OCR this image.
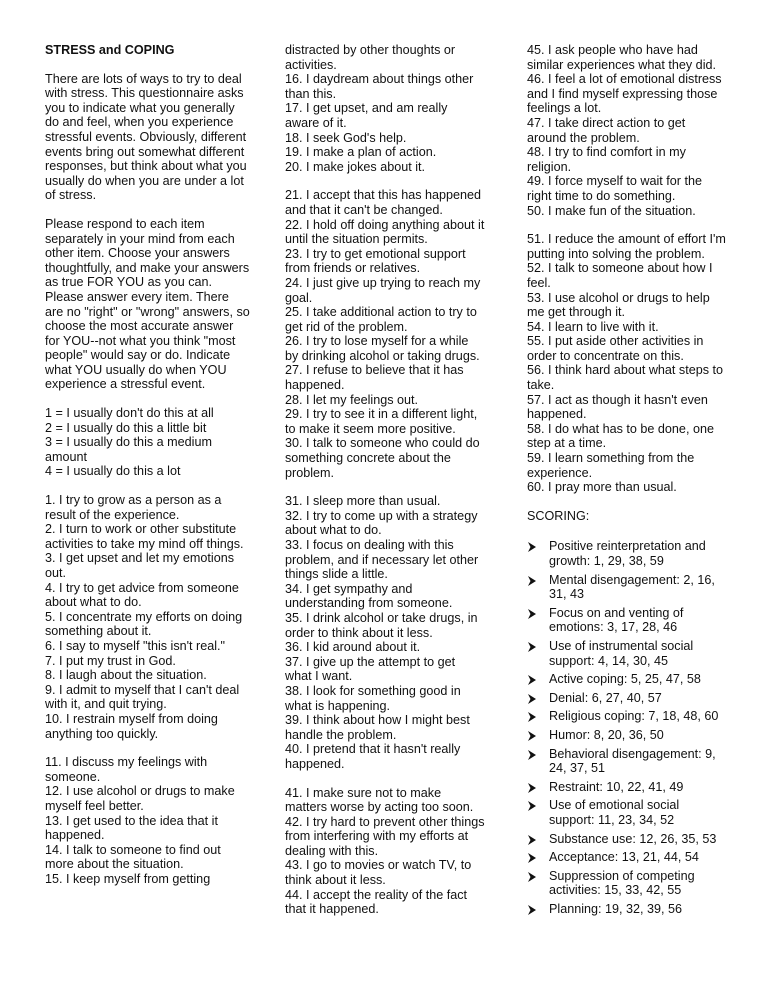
STRESS and COPING
There are lots of ways to try to deal with stress. This questionnaire asks you to indicate what you generally do and feel, when you experience stressful events. Obviously, different events bring out somewhat different responses, but think about what you usually do when you are under a lot of stress.
Please respond to each item separately in your mind from each other item. Choose your answers thoughtfully, and make your answers as true FOR YOU as you can. Please answer every item. There are no "right" or "wrong" answers, so choose the most accurate answer for YOU--not what you think "most people" would say or do. Indicate what YOU usually do when YOU experience a stressful event.
1 = I usually don't do this at all
2 = I usually do this a little bit
3 = I usually do this a medium amount
4 = I usually do this a lot
1. I try to grow as a person as a result of the experience.
2. I turn to work or other substitute activities to take my mind off things.
3. I get upset and let my emotions out.
4. I try to get advice from someone about what to do.
5. I concentrate my efforts on doing something about it.
6. I say to myself "this isn't real."
7. I put my trust in God.
8. I laugh about the situation.
9. I admit to myself that I can't deal with it, and quit trying.
10. I restrain myself from doing anything too quickly.
11. I discuss my feelings with someone.
12. I use alcohol or drugs to make myself feel better.
13. I get used to the idea that it happened.
14. I talk to someone to find out more about the situation.
15. I keep myself from getting
distracted by other thoughts or activities.
16. I daydream about things other than this.
17. I get upset, and am really aware of it.
18. I seek God's help.
19. I make a plan of action.
20. I make jokes about it.
21. I accept that this has happened and that it can't be changed.
22. I hold off doing anything about it until the situation permits.
23. I try to get emotional support from friends or relatives.
24. I just give up trying to reach my goal.
25. I take additional action to try to get rid of the problem.
26. I try to lose myself for a while by drinking alcohol or taking drugs.
27. I refuse to believe that it has happened.
28. I let my feelings out.
29. I try to see it in a different light, to make it seem more positive.
30. I talk to someone who could do something concrete about the problem.
31. I sleep more than usual.
32. I try to come up with a strategy about what to do.
33. I focus on dealing with this problem, and if necessary let other things slide a little.
34. I get sympathy and understanding from someone.
35. I drink alcohol or take drugs, in order to think about it less.
36. I kid around about it.
37. I give up the attempt to get what I want.
38. I look for something good in what is happening.
39. I think about how I might best handle the problem.
40. I pretend that it hasn't really happened.
41. I make sure not to make matters worse by acting too soon.
42. I try hard to prevent other things from interfering with my efforts at dealing with this.
43. I go to movies or watch TV, to think about it less.
44. I accept the reality of the fact that it happened.
45. I ask people who have had similar experiences what they did.
46. I feel a lot of emotional distress and I find myself expressing those feelings a lot.
47. I take direct action to get around the problem.
48. I try to find comfort in my religion.
49. I force myself to wait for the right time to do something.
50. I make fun of the situation.
51. I reduce the amount of effort I'm putting into solving the problem.
52. I talk to someone about how I feel.
53. I use alcohol or drugs to help me get through it.
54. I learn to live with it.
55. I put aside other activities in order to concentrate on this.
56. I think hard about what steps to take.
57. I act as though it hasn't even happened.
58. I do what has to be done, one step at a time.
59. I learn something from the experience.
60. I pray more than usual.
SCORING:
Positive reinterpretation and growth: 1, 29, 38, 59
Mental disengagement: 2, 16, 31, 43
Focus on and venting of emotions: 3, 17, 28, 46
Use of instrumental social support: 4, 14, 30, 45
Active coping: 5, 25, 47, 58
Denial: 6, 27, 40, 57
Religious coping: 7, 18, 48, 60
Humor: 8, 20, 36, 50
Behavioral disengagement: 9, 24, 37, 51
Restraint: 10, 22, 41, 49
Use of emotional social support: 11, 23, 34, 52
Substance use: 12, 26, 35, 53
Acceptance: 13, 21, 44, 54
Suppression of competing activities: 15, 33, 42, 55
Planning: 19, 32, 39, 56
